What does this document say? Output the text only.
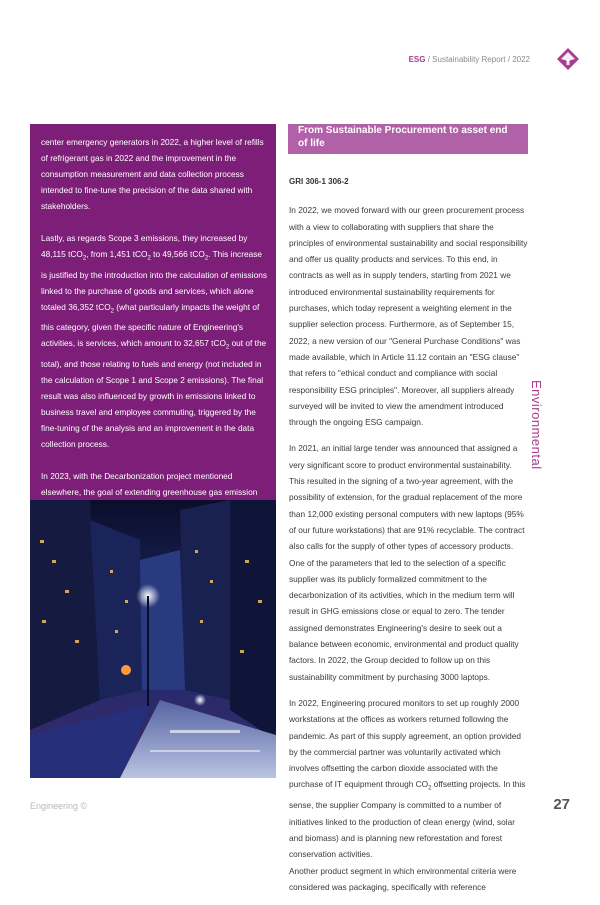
ESG / Sustainability Report / 2022

center emergency generators in 2022, a higher level of refills of refrigerant gas in 2022 and the improvement in the consumption measurement and data collection process intended to fine-tune the precision of the data shared with stakeholders.

Lastly, as regards Scope 3 emissions, they increased by 48,115 tCO$_2$, from 1,451 tCO$_2$ to 49,566 tCO$_2$. This increase is justified by the introduction into the calculation of emissions linked to the purchase of goods and services, which alone totaled 36,352 tCO$_2$ (what particularly impacts the weight of this category, given the specific nature of Engineering's activities, is services, which amount to 32,657 tCO$_2$ out of the total), and those relating to fuels and energy (not included in the calculation of Scope 1 and Scope 2 emissions). The final result was also influenced by growth in emissions linked to business travel and employee commuting, triggered by the fine-tuning of the analysis and an improvement in the data collection process.

In 2023, with the Decarbonization project mentioned elsewhere, the goal of extending greenhouse gas emission

From Sustainable Procurement to asset end of life
GRI 306-1 306-2

In 2022, we moved forward with our green procurement process with a view to collaborating with suppliers that share the principles of environmental sustainability and social responsibility and offer us quality products and services. To this end, in contracts as well as in supply tenders, starting from 2021 we introduced environmental sustainability requirements for purchases, which today represent a weighting element in the supplier selection process. Furthermore, as of September 15, 2022, a new version of our "General Purchase Conditions" was made available, which in Article 11.12 contain an "ESG clause" that refers to "ethical conduct and compliance with social responsibility ESG principles". Moreover, all suppliers already surveyed will be invited to view the amendment introduced through the ongoing ESG campaign.

In 2021, an initial large tender was announced that assigned a very significant score to product environmental sustainability. This resulted in the signing of a two-year agreement, with the possibility of extension, for the gradual replacement of the more than 12,000 existing personal computers with new laptops (95% of our future workstations) that are 91% recyclable. The contract also calls for the supply of other types of accessory products. One of the parameters that led to the selection of a specific supplier was its publicly formalized commitment to the decarbonization of its activities, which in the medium term will result in GHG emissions close or equal to zero. The tender assigned demonstrates Engineering's desire to seek out a balance between economic, environmental and product quality factors. In 2022, the Group decided to follow up on this sustainability commitment by purchasing 3000 laptops.

In 2022, Engineering procured monitors to set up roughly 2000 workstations at the offices as workers returned following the pandemic. As part of this supply agreement, an option provided by the commercial partner was voluntarily activated which involves offsetting the carbon dioxide associated with the purchase of IT equipment through $CO_2$ offsetting projects. In this sense, the supplier Company is committed to a number of initiatives linked to the production of clean energy (wind, solar and biomass) and is planning new reforestation and forest conservation activities.

Another product segment in which environmental criteria were considered was packaging, specifically with reference

Environmental
Engineering ©	27
